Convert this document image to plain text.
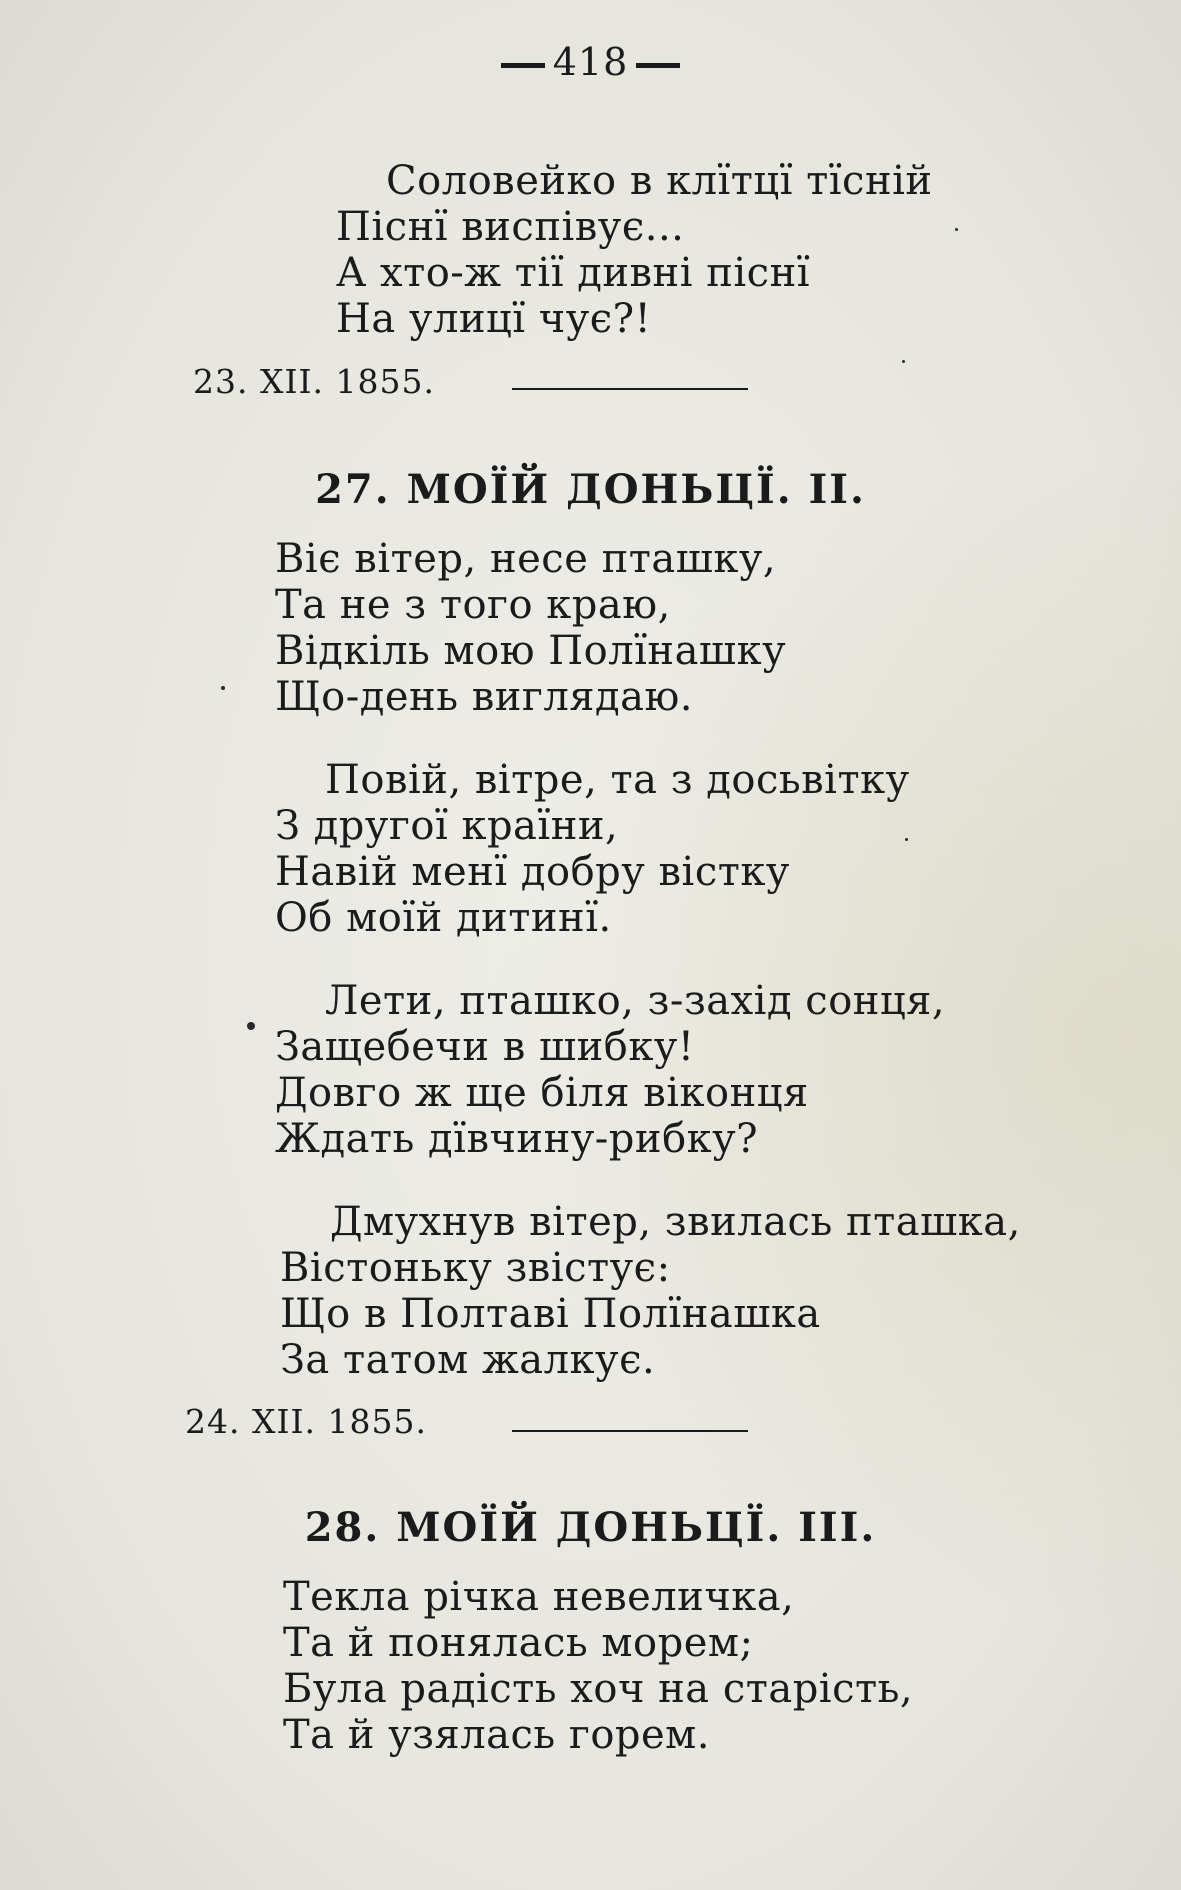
418
Соловейко в клїтцї тїсній
Піснї виспівує...
А хто-ж тії дивні піснї
На улицї чує?!
23. XII. 1855.
27. МОЇЙ ДОНЬЦЇ. II.
Віє вітер, несе пташку,
Та не з того краю,
Відкіль мою Полїнашку
Що-день виглядаю.
Повій, вітре, та з досьвітку
З другої країни,
Навій менї добру вістку
Об моїй дитинї.
Лети, пташко, з-захід сонця,
Защебечи в шибку!
Довго ж ще біля віконця
Ждать дївчину-рибку?
Дмухнув вітер, звилась пташка,
Вістоньку звістує:
Що в Полтаві Полїнашка
За татом жалкує.
24. XII. 1855.
28. МОЇЙ ДОНЬЦЇ. III.
Текла річка невеличка,
Та й понялась морем;
Була радість хоч на старість,
Та й узялась горем.
